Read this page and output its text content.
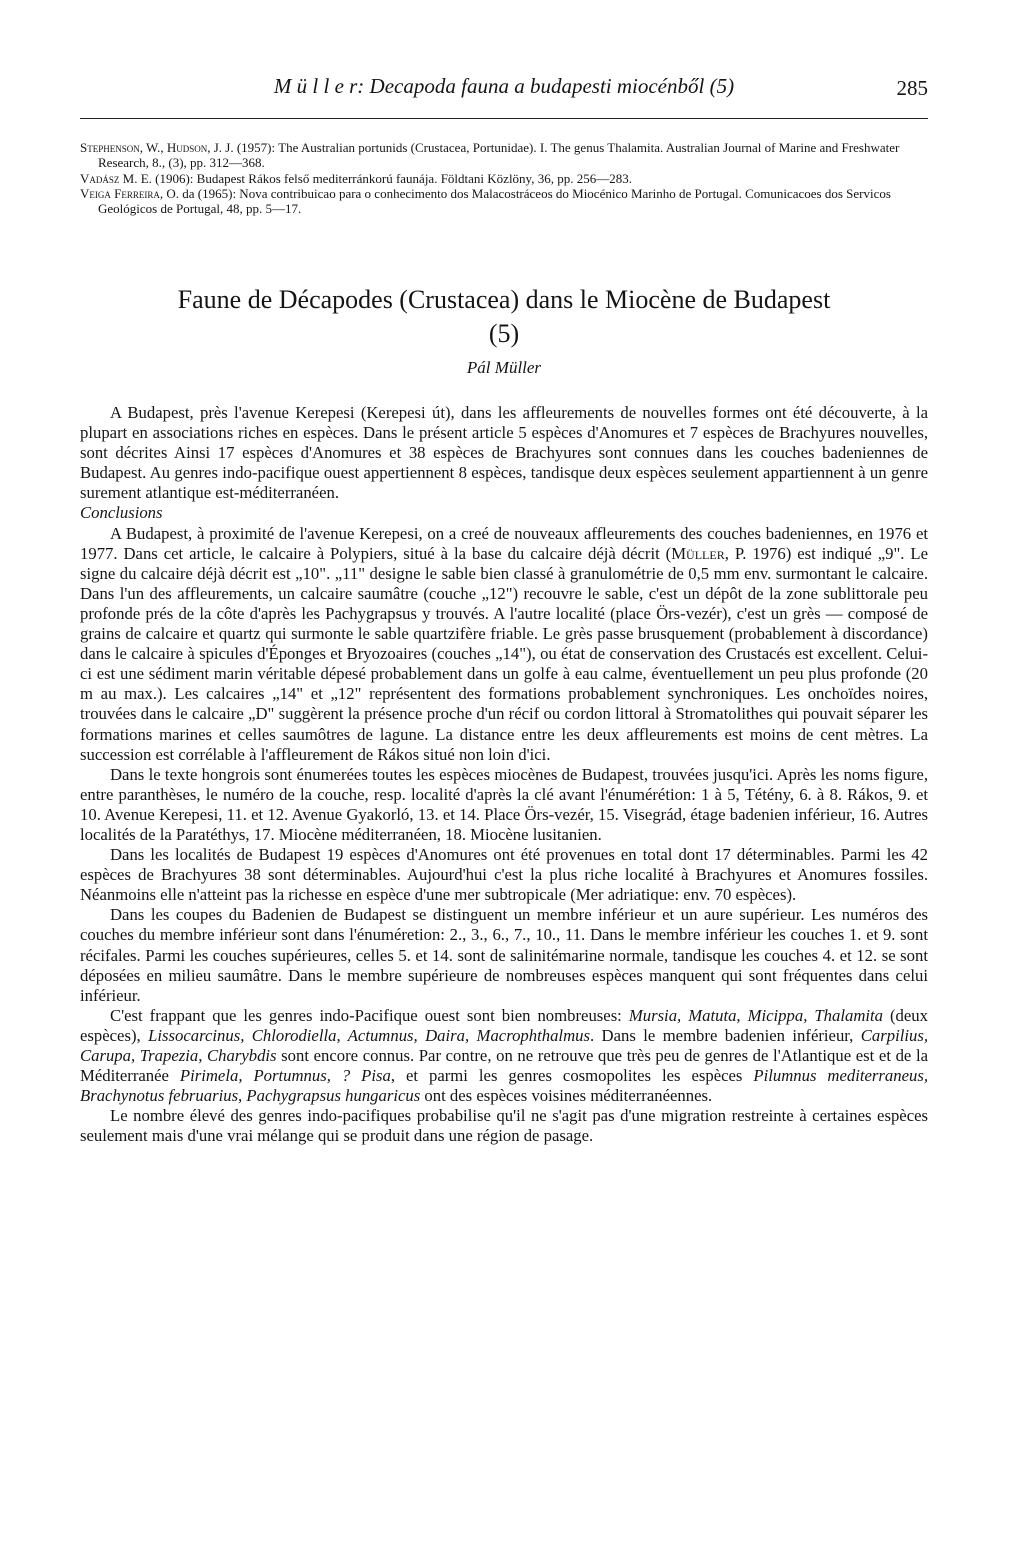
M ü l l e r: Decapoda fauna a budapesti miocénből (5)	285

Stephenson, W., Hudson, J. J. (1957): The Australian portunids (Crustacea, Portunidae). I. The genus Thalamita. Australian Journal of Marine and Freshwater Research, 8., (3), pp. 312—368.

Vadász M. E. (1906): Budapest Rákos felső mediterránkorú faunája. Földtani Közlöny, 36, pp. 256—283.

Veiga Ferreira, O. da (1965): Nova contribuicao para o conhecimento dos Malacostráceos do Miocénico Marinho de Portugal. Comunicacoes dos Servicos Geológicos de Portugal, 48, pp. 5—17.

Faune de Décapodes (Crustacea) dans le Miocène de Budapest
(5)
Pál Müller

A Budapest, près l'avenue Kerepesi (Kerepesi út), dans les affleurements de nouvelles formes ont été découverte, à la plupart en associations riches en espèces. Dans le présent article 5 espèces d'Anomures et 7 espèces de Brachyures nouvelles, sont décrites Ainsi 17 espèces d'Anomures et 38 espèces de Brachyures sont connues dans les couches badeniennes de Budapest. Au genres indo-pacifique ouest appertiennent 8 espèces, tandisque deux espèces seulement appartiennent à un genre surement atlantique est-méditerranéen.

Conclusions

A Budapest, à proximité de l'avenue Kerepesi, on a creé de nouveaux affleurements des couches badeniennes, en 1976 et 1977. Dans cet article, le calcaire à Polypiers, situé à la base du calcaire déjà décrit (Müller, P. 1976) est indiqué „9". Le signe du calcaire déjà décrit est „10". „11" designe le sable bien classé à granulométrie de 0,5 mm env. surmontant le calcaire. Dans l'un des affleurements, un calcaire saumâtre (couche „12") recouvre le sable, c'est un dépôt de la zone sublittorale peu profonde prés de la côte d'après les Pachygrapsus y trouvés. A l'autre localité (place Örs-vezér), c'est un grès — composé de grains de calcaire et quartz qui surmonte le sable quartzifère friable. Le grès passe brusquement (probablement à discordance) dans le calcaire à spicules d'Éponges et Bryozoaires (couches „14"), ou état de conservation des Crustacés est excellent. Celui-ci est une sédiment marin véritable dépesé probablement dans un golfe à eau calme, éventuellement un peu plus profonde (20 m au max.). Les calcaires „14" et „12" représentent des formations probablement synchroniques. Les onchoïdes noires, trouvées dans le calcaire „D" suggèrent la présence proche d'un récif ou cordon littoral à Stromatolithes qui pouvait séparer les formations marines et celles saumôtres de lagune. La distance entre les deux affleurements est moins de cent mètres. La succession est corrélable à l'affleurement de Rákos situé non loin d'ici.

Dans le texte hongrois sont énumerées toutes les espèces miocènes de Budapest, trouvées jusqu'ici. Après les noms figure, entre paranthèses, le numéro de la couche, resp. localité d'après la clé avant l'énumérétion: 1 à 5, Tétény, 6. à 8. Rákos, 9. et 10. Avenue Kerepesi, 11. et 12. Avenue Gyakorló, 13. et 14. Place Örs-vezér, 15. Visegrád, étage badenien inférieur, 16. Autres localités de la Paratéthys, 17. Miocène méditerranéen, 18. Miocène lusitanien.

Dans les localités de Budapest 19 espèces d'Anomures ont été provenues en total dont 17 déterminables. Parmi les 42 espèces de Brachyures 38 sont déterminables. Aujourd'hui c'est la plus riche localité à Brachyures et Anomures fossiles. Néanmoins elle n'atteint pas la richesse en espèce d'une mer subtropicale (Mer adriatique: env. 70 espèces).

Dans les coupes du Badenien de Budapest se distinguent un membre inférieur et un aure supérieur. Les numéros des couches du membre inférieur sont dans l'énuméretion: 2., 3., 6., 7., 10., 11. Dans le membre inférieur les couches 1. et 9. sont récifales. Parmi les couches supérieures, celles 5. et 14. sont de salinitémarine normale, tandisque les couches 4. et 12. se sont déposées en milieu saumâtre. Dans le membre supérieure de nombreuses espèces manquent qui sont fréquentes dans celui inférieur.

C'est frappant que les genres indo-Pacifique ouest sont bien nombreuses: Mursia, Matuta, Micippa, Thalamita (deux espèces), Lissocarcinus, Chlorodiella, Actumnus, Daira, Macrophthalmus. Dans le membre badenien inférieur, Carpilius, Carupa, Trapezia, Charybdis sont encore connus. Par contre, on ne retrouve que très peu de genres de l'Atlantique est et de la Méditerranée Pirimela, Portumnus, ? Pisa, et parmi les genres cosmopolites les espèces Pilumnus mediterraneus, Brachynotus februarius, Pachygrapsus hungaricus ont des espèces voisines méditerranéennes.

Le nombre élevé des genres indo-pacifiques probabilise qu'il ne s'agit pas d'une migration restreinte à certaines espèces seulement mais d'une vrai mélange qui se produit dans une région de pasage.
